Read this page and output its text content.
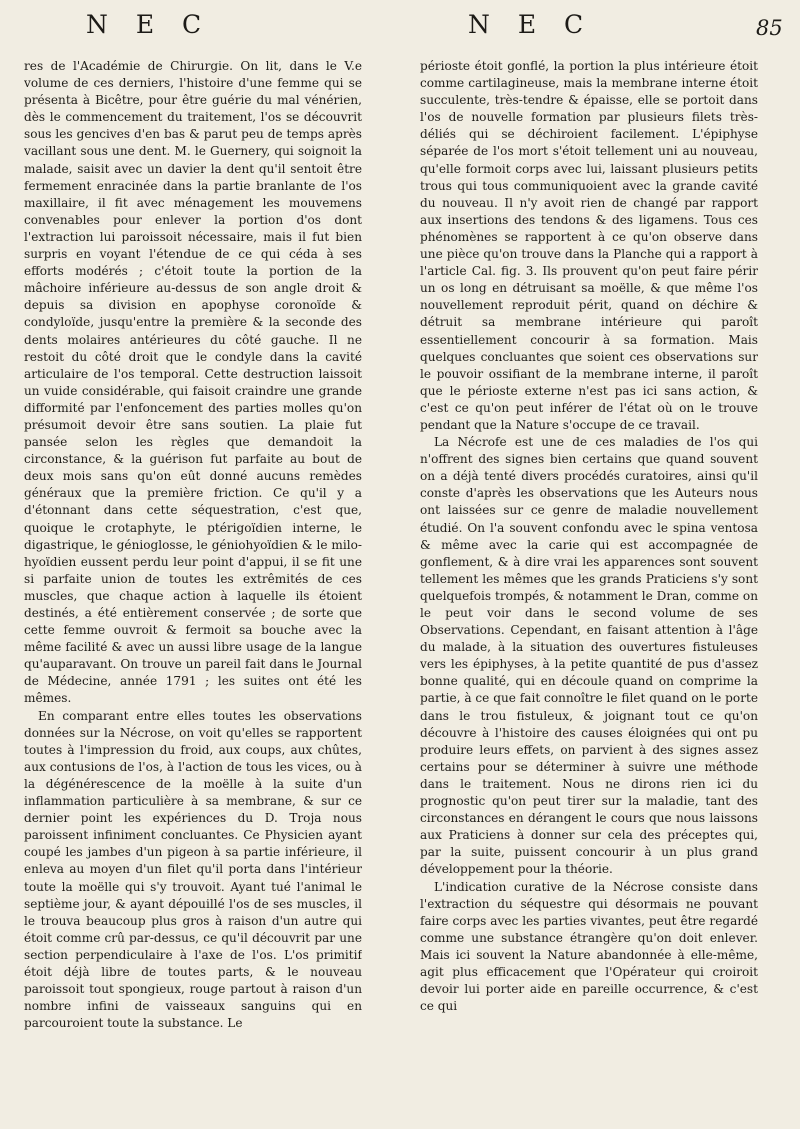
N E C	N E C	85

res de l'Académie de Chirurgie. On lit, dans le V.e volume de ces derniers, l'histoire d'une femme qui se présenta à Bicêtre, pour être guérie du mal vénérien, dès le commencement du traitement, l'os se découvrit sous les gencives d'en bas & parut peu de temps après vacillant sous une dent. M. le Guernery, qui soignoit la malade, saisit avec un davier la dent qu'il sentoit être fermement enracinée dans la partie branlante de l'os maxillaire, il fit avec ménagement les mouvemens convenables pour enlever la portion d'os dont l'extraction lui paroissoit nécessaire, mais il fut bien surpris en voyant l'étendue de ce qui céda à ses efforts modérés ; c'étoit toute la portion de la mâchoire inférieure au-dessus de son angle droit & depuis sa division en apophyse coronoïde & condyloïde, jusqu'entre la première & la seconde des dents molaires antérieures du côté gauche. Il ne restoit du côté droit que le condyle dans la cavité articulaire de l'os temporal. Cette destruction laissoit un vuide considérable, qui faisoit craindre une grande difformité par l'enfoncement des parties molles qu'on présumoit devoir être sans soutien. La plaie fut pansée selon les règles que demandoit la circonstance, & la guérison fut parfaite au bout de deux mois sans qu'on eût donné aucuns remèdes généraux que la première friction. Ce qu'il y a d'étonnant dans cette séquestration, c'est que, quoique le crotaphyte, le ptérigoïdien interne, le digastrique, le génioglosse, le géniohyoïdien & le milo-hyoïdien eussent perdu leur point d'appui, il se fit une si parfaite union de toutes les extrêmités de ces muscles, que chaque action à laquelle ils étoient destinés, a été entièrement conservée ; de sorte que cette femme ouvroit & fermoit sa bouche avec la même facilité & avec un aussi libre usage de la langue qu'auparavant. On trouve un pareil fait dans le Journal de Médecine, année 1791 ; les suites ont été les mêmes.

En comparant entre elles toutes les observations données sur la Nécrose, on voit qu'elles se rapportent toutes à l'impression du froid, aux coups, aux chûtes, aux contusions de l'os, à l'action de tous les vices, ou à la dégénérescence de la moëlle à la suite d'un inflammation particulière à sa membrane, & sur ce dernier point les expériences du D. Troja nous paroissent infiniment concluantes. Ce Physicien ayant coupé les jambes d'un pigeon à sa partie inférieure, il enleva au moyen d'un filet qu'il porta dans l'intérieur toute la moëlle qui s'y trouvoit. Ayant tué l'animal le septième jour, & ayant dépouillé l'os de ses muscles, il le trouva beaucoup plus gros à raison d'un autre qui étoit comme crû par-dessus, ce qu'il découvrit par une section perpendiculaire à l'axe de l'os. L'os primitif étoit déjà libre de toutes parts, & le nouveau paroissoit tout spongieux, rouge partout à raison d'un nombre infini de vaisseaux sanguins qui en parcouroient toute la substance. Le

périoste étoit gonflé, la portion la plus intérieure étoit comme cartilagineuse, mais la membrane interne étoit succulente, très-tendre & épaisse, elle se portoit dans l'os de nouvelle formation par plusieurs filets très-déliés qui se déchiroient facilement. L'épiphyse séparée de l'os mort s'étoit tellement uni au nouveau, qu'elle formoit corps avec lui, laissant plusieurs petits trous qui tous communiquoient avec la grande cavité du nouveau. Il n'y avoit rien de changé par rapport aux insertions des tendons & des ligamens. Tous ces phénomènes se rapportent à ce qu'on observe dans une pièce qu'on trouve dans la Planche qui a rapport à l'article Cal. fig. 3. Ils prouvent qu'on peut faire périr un os long en détruisant sa moëlle, & que même l'os nouvellement reproduit périt, quand on déchire & détruit sa membrane intérieure qui paroît essentiellement concourir à sa formation. Mais quelques concluantes que soient ces observations sur le pouvoir ossifiant de la membrane interne, il paroît que le périoste externe n'est pas ici sans action, & c'est ce qu'on peut inférer de l'état où on le trouve pendant que la Nature s'occupe de ce travail.

La Nécrofe est une de ces maladies de l'os qui n'offrent des signes bien certains que quand souvent on a déjà tenté divers procédés curatoires, ainsi qu'il conste d'après les observations que les Auteurs nous ont laissées sur ce genre de maladie nouvellement étudié. On l'a souvent confondu avec le spina ventosa & même avec la carie qui est accompagnée de gonflement, & à dire vrai les apparences sont souvent tellement les mêmes que les grands Praticiens s'y sont quelquefois trompés, & notamment le Dran, comme on le peut voir dans le second volume de ses Observations. Cependant, en faisant attention à l'âge du malade, à la situation des ouvertures fistuleuses vers les épiphyses, à la petite quantité de pus d'assez bonne qualité, qui en découle quand on comprime la partie, à ce que fait connoître le filet quand on le porte dans le trou fistuleux, & joignant tout ce qu'on découvre à l'histoire des causes éloignées qui ont pu produire leurs effets, on parvient à des signes assez certains pour se déterminer à suivre une méthode dans le traitement. Nous ne dirons rien ici du prognostic qu'on peut tirer sur la maladie, tant des circonstances en dérangent le cours que nous laissons aux Praticiens à donner sur cela des préceptes qui, par la suite, puissent concourir à un plus grand développement pour la théorie.

L'indication curative de la Nécrose consiste dans l'extraction du séquestre qui désormais ne pouvant faire corps avec les parties vivantes, peut être regardé comme une substance étrangère qu'on doit enlever. Mais ici souvent la Nature abandonnée à elle-même, agit plus efficacement que l'Opérateur qui croiroit devoir lui porter aide en pareille occurrence, & c'est ce qui
